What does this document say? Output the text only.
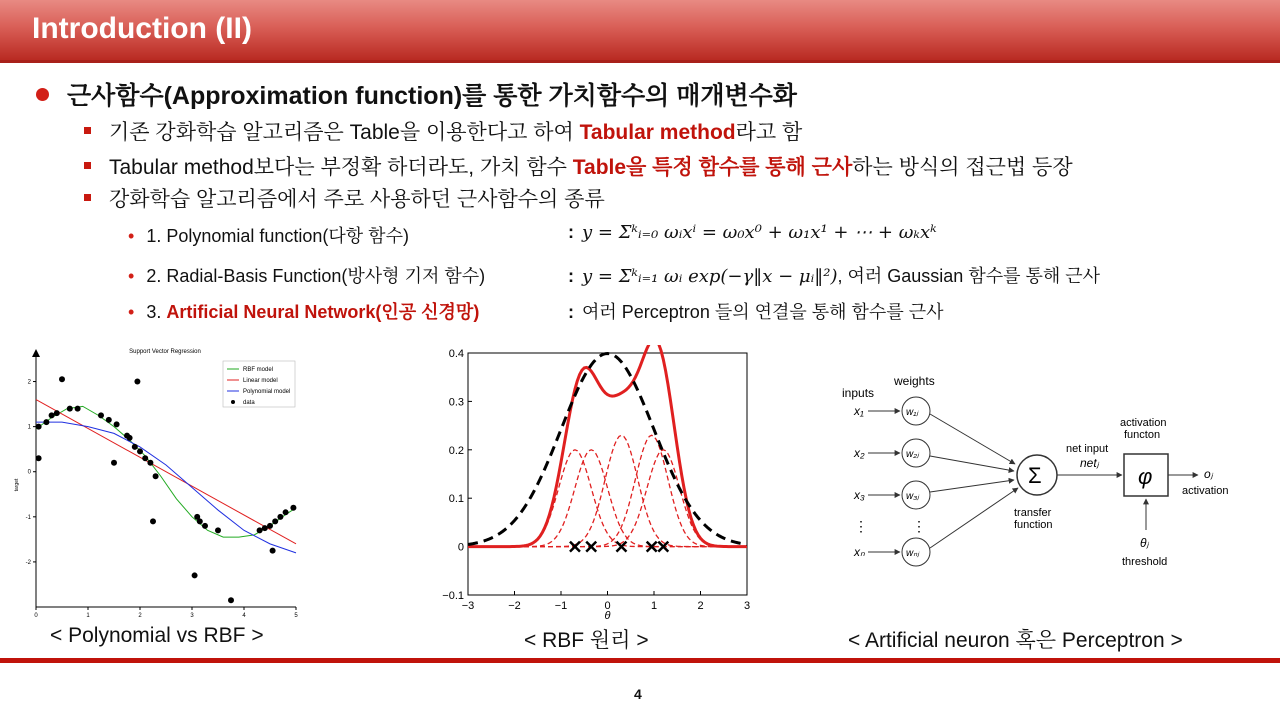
Introduction (II)
근사함수(Approximation function)를 통한 가치함수의 매개변수화
기존 강화학습 알고리즘은 Table을 이용한다고 하여 Tabular method라고 함
Tabular method보다는 부정확 하더라도, 가치 함수 Table을 특정 함수를 통해 근사하는 방식의 접근법 등장
강화학습 알고리즘에서 주로 사용하던 근사함수의 종류
• 1. Polynomial function(다항 함수)	: y = Σᵏᵢ₌₀ ωᵢxⁱ = ω₀x⁰ + ω₁x¹ + ⋯ + ωₖxᵏ
• 2. Radial-Basis Function(방사형 기저 함수)	: y = Σᵏᵢ₌₁ ωᵢ exp(−γ‖x − μᵢ‖²), 여러 Gaussian 함수를 통해 근사
• 3. Artificial Neural Network(인공 신경망)	: 여러 Perceptron 들의 연결을 통해 함수를 근사
Support Vector Regression
0	1	2	3	4	5
2
1
0
-1
-2
target
RBF model
Linear model
Polynomial model
data
−3	−2	−1	0	1	2	3
0.4
0.3
0.2
0.1
0
−0.1
θ
inputs
weights
x₁	w₁ⱼ
x₂	w₂ⱼ
x₃	w₃ⱼ
⋮	⋮
xₙ	wₙⱼ
Σ
transfer
function
net input
netⱼ
φ
activation
functon
oⱼ
activation
θⱼ
threshold
< Polynomial vs RBF >	< RBF 원리 >	< Artificial neuron 혹은 Perceptron >
4
